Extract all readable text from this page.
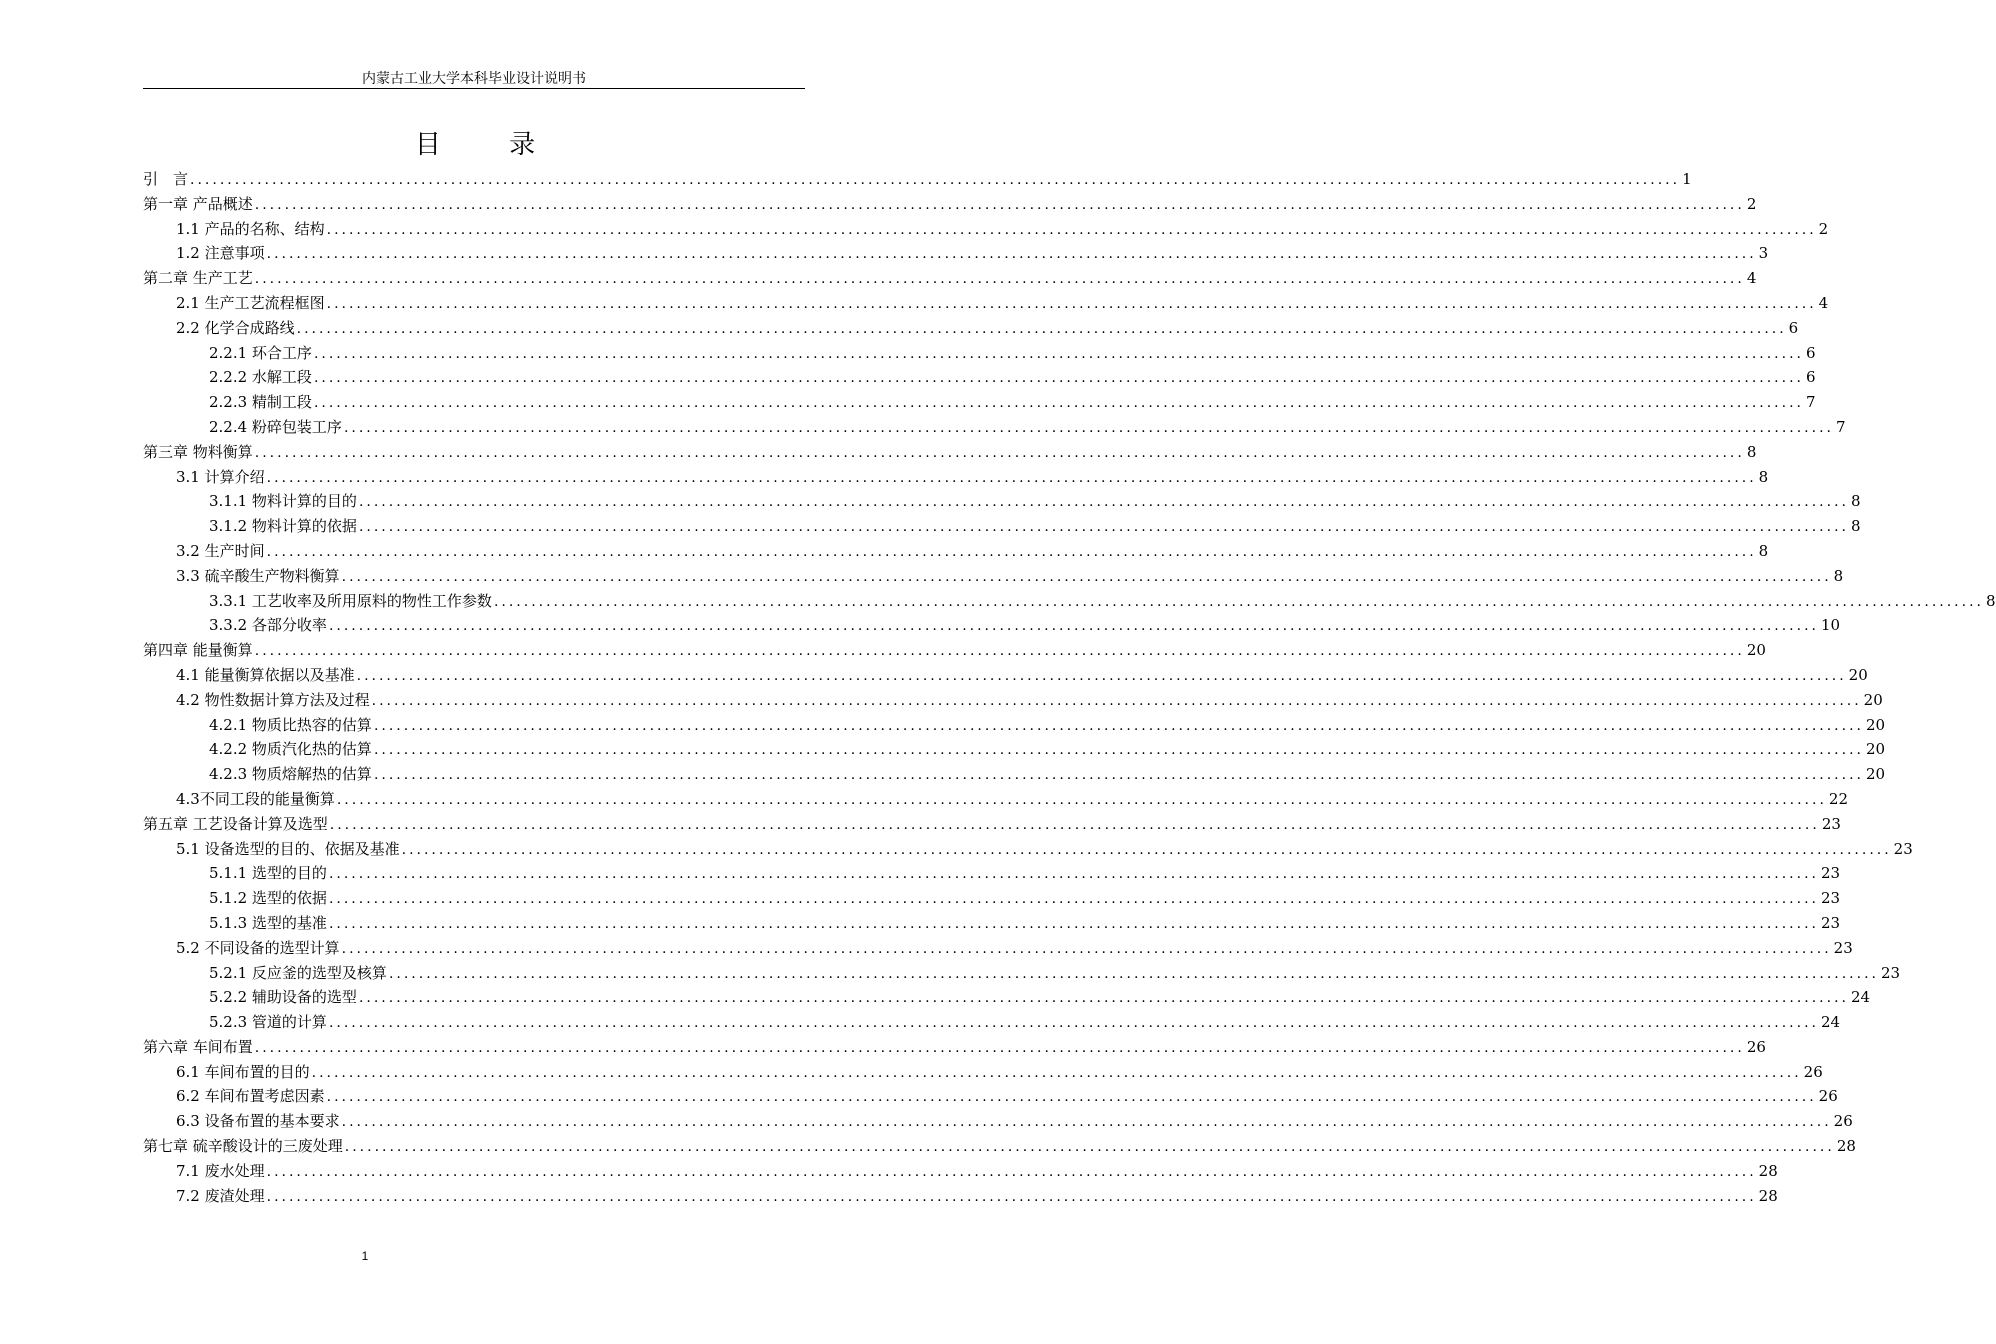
内蒙古工业大学本科毕业设计说明书
目 录
引　言 ........................................................................................................................................................................................................ 1
第一章 产品概述 ........................................................................................................................................................................................................ 2
1.1 产品的名称、结构 ........................................................................................................................................................................................................ 2
1.2 注意事项 ........................................................................................................................................................................................................ 3
第二章 生产工艺 ........................................................................................................................................................................................................ 4
2.1 生产工艺流程框图 ........................................................................................................................................................................................................ 4
2.2 化学合成路线 ........................................................................................................................................................................................................ 6
2.2.1 环合工序 ........................................................................................................................................................................................................ 6
2.2.2 水解工段 ........................................................................................................................................................................................................ 6
2.2.3 精制工段 ........................................................................................................................................................................................................ 7
2.2.4 粉碎包装工序 ........................................................................................................................................................................................................ 7
第三章 物料衡算 ........................................................................................................................................................................................................ 8
3.1 计算介绍 ........................................................................................................................................................................................................ 8
3.1.1 物料计算的目的 ........................................................................................................................................................................................................ 8
3.1.2 物料计算的依据 ........................................................................................................................................................................................................ 8
3.2 生产时间 ........................................................................................................................................................................................................ 8
3.3 硫辛酸生产物料衡算 ........................................................................................................................................................................................................ 8
3.3.1 工艺收率及所用原料的物性工作参数 ........................................................................................................................................................................................................ 8
3.3.2 各部分收率 ........................................................................................................................................................................................................ 10
第四章 能量衡算 ........................................................................................................................................................................................................ 20
4.1 能量衡算依据以及基准 ........................................................................................................................................................................................................ 20
4.2 物性数据计算方法及过程 ........................................................................................................................................................................................................ 20
4.2.1 物质比热容的估算 ........................................................................................................................................................................................................ 20
4.2.2 物质汽化热的估算 ........................................................................................................................................................................................................ 20
4.2.3 物质熔解热的估算 ........................................................................................................................................................................................................ 20
4.3不同工段的能量衡算 ........................................................................................................................................................................................................ 22
第五章 工艺设备计算及选型 ........................................................................................................................................................................................................ 23
5.1 设备选型的目的、依据及基准 ........................................................................................................................................................................................................ 23
5.1.1 选型的目的 ........................................................................................................................................................................................................ 23
5.1.2 选型的依据 ........................................................................................................................................................................................................ 23
5.1.3 选型的基准 ........................................................................................................................................................................................................ 23
5.2 不同设备的选型计算 ........................................................................................................................................................................................................ 23
5.2.1 反应釜的选型及核算 ........................................................................................................................................................................................................ 23
5.2.2 辅助设备的选型 ........................................................................................................................................................................................................ 24
5.2.3 管道的计算 ........................................................................................................................................................................................................ 24
第六章 车间布置 ........................................................................................................................................................................................................ 26
6.1 车间布置的目的 ........................................................................................................................................................................................................ 26
6.2 车间布置考虑因素 ........................................................................................................................................................................................................ 26
6.3 设备布置的基本要求 ........................................................................................................................................................................................................ 26
第七章 硫辛酸设计的三废处理 ........................................................................................................................................................................................................ 28
7.1 废水处理 ........................................................................................................................................................................................................ 28
7.2 废渣处理 ........................................................................................................................................................................................................ 28
1
